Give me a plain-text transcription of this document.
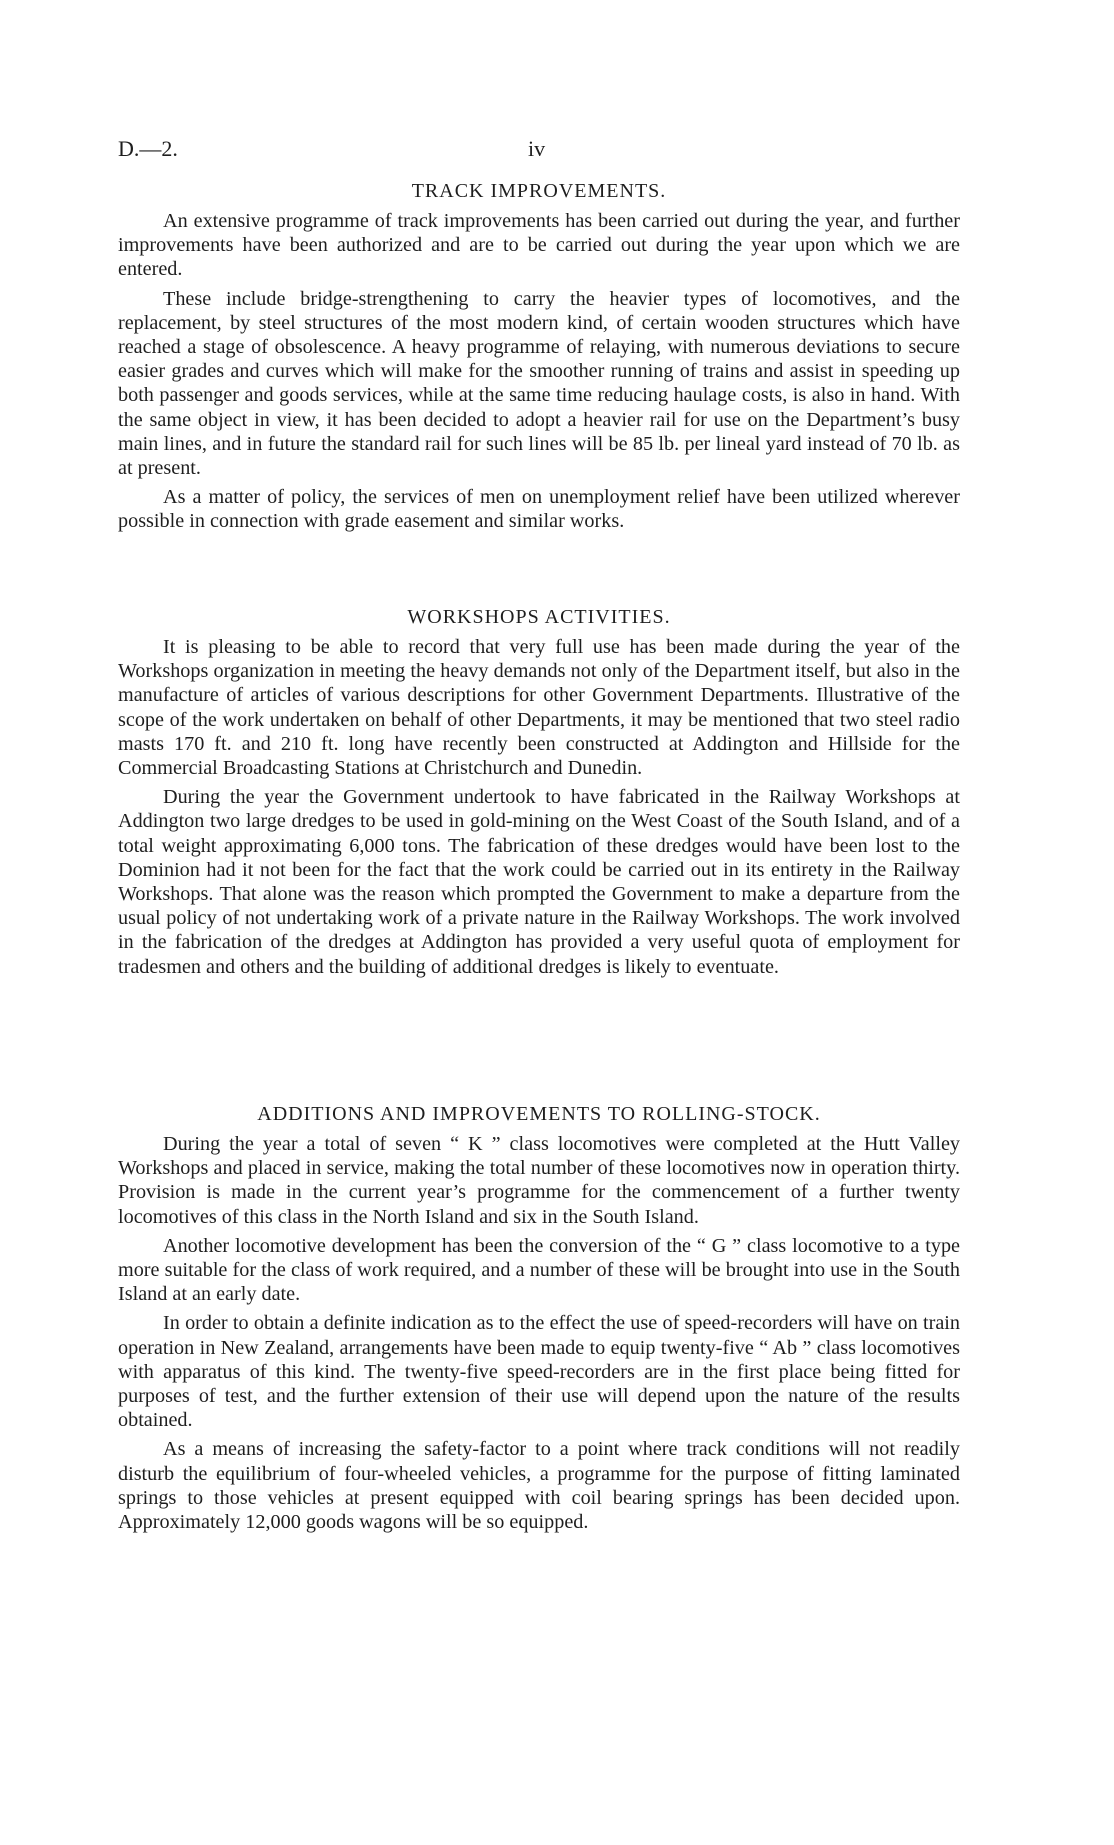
D.—2.	iv
TRACK IMPROVEMENTS.

An extensive programme of track improvements has been carried out during the year, and further improvements have been authorized and are to be carried out during the year upon which we are entered.

These include bridge-strengthening to carry the heavier types of locomotives, and the replacement, by steel structures of the most modern kind, of certain wooden structures which have reached a stage of obsolescence. A heavy programme of relaying, with numerous deviations to secure easier grades and curves which will make for the smoother running of trains and assist in speeding up both passenger and goods services, while at the same time reducing haulage costs, is also in hand. With the same object in view, it has been decided to adopt a heavier rail for use on the Department’s busy main lines, and in future the standard rail for such lines will be 85 lb. per lineal yard instead of 70 lb. as at present.

As a matter of policy, the services of men on unemployment relief have been utilized wherever possible in connection with grade easement and similar works.

WORKSHOPS ACTIVITIES.

It is pleasing to be able to record that very full use has been made during the year of the Workshops organization in meeting the heavy demands not only of the Department itself, but also in the manufacture of articles of various descriptions for other Government Departments. Illustrative of the scope of the work undertaken on behalf of other Departments, it may be mentioned that two steel radio masts 170 ft. and 210 ft. long have recently been constructed at Addington and Hillside for the Commercial Broadcasting Stations at Christchurch and Dunedin.

During the year the Government undertook to have fabricated in the Railway Workshops at Addington two large dredges to be used in gold-mining on the West Coast of the South Island, and of a total weight approximating 6,000 tons. The fabrication of these dredges would have been lost to the Dominion had it not been for the fact that the work could be carried out in its entirety in the Railway Workshops. That alone was the reason which prompted the Government to make a departure from the usual policy of not undertaking work of a private nature in the Railway Workshops. The work involved in the fabrication of the dredges at Addington has provided a very useful quota of employment for tradesmen and others and the building of additional dredges is likely to eventuate.

ADDITIONS AND IMPROVEMENTS TO ROLLING-STOCK.

During the year a total of seven “ K ” class locomotives were completed at the Hutt Valley Workshops and placed in service, making the total number of these locomotives now in operation thirty. Provision is made in the current year’s programme for the commencement of a further twenty locomotives of this class in the North Island and six in the South Island.

Another locomotive development has been the conversion of the “ G ” class locomotive to a type more suitable for the class of work required, and a number of these will be brought into use in the South Island at an early date.

In order to obtain a definite indication as to the effect the use of speed-recorders will have on train operation in New Zealand, arrangements have been made to equip twenty-five “ Ab ” class locomotives with apparatus of this kind. The twenty-five speed-recorders are in the first place being fitted for purposes of test, and the further extension of their use will depend upon the nature of the results obtained.

As a means of increasing the safety-factor to a point where track conditions will not readily disturb the equilibrium of four-wheeled vehicles, a programme for the purpose of fitting laminated springs to those vehicles at present equipped with coil bearing springs has been decided upon. Approximately 12,000 goods wagons will be so equipped.
